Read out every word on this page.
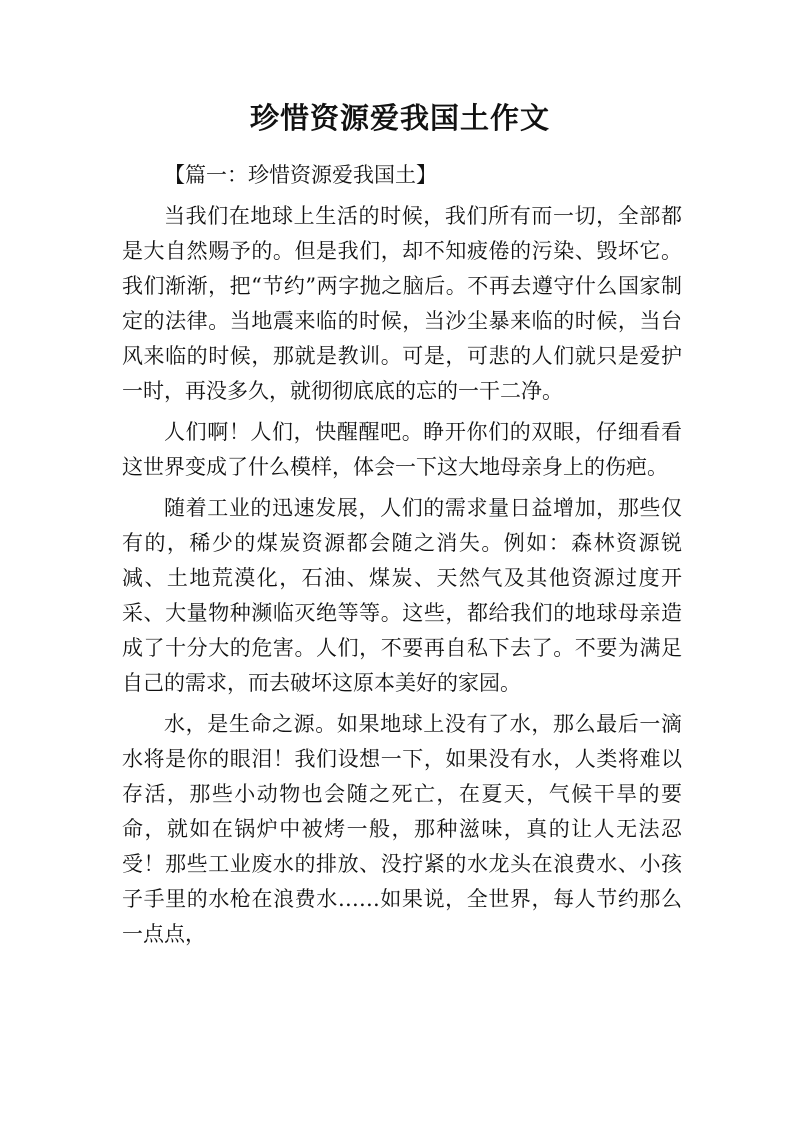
珍惜资源爱我国土作文

【篇一：珍惜资源爱我国土】

当我们在地球上生活的时候，我们所有而一切，全部都是大自然赐予的。但是我们，却不知疲倦的污染、毁坏它。我们渐渐，把“节约”两字抛之脑后。不再去遵守什么国家制定的法律。当地震来临的时候，当沙尘暴来临的时候，当台风来临的时候，那就是教训。可是，可悲的人们就只是爱护一时，再没多久，就彻彻底底的忘的一干二净。

人们啊！人们，快醒醒吧。睁开你们的双眼，仔细看看这世界变成了什么模样，体会一下这大地母亲身上的伤疤。

随着工业的迅速发展，人们的需求量日益增加，那些仅有的，稀少的煤炭资源都会随之消失。例如：森林资源锐减、土地荒漠化，石油、煤炭、天然气及其他资源过度开采、大量物种濒临灭绝等等。这些，都给我们的地球母亲造成了十分大的危害。人们，不要再自私下去了。不要为满足自己的需求，而去破坏这原本美好的家园。

水，是生命之源。如果地球上没有了水，那么最后一滴水将是你的眼泪！我们设想一下，如果没有水，人类将难以存活，那些小动物也会随之死亡，在夏天，气候干旱的要命，就如在锅炉中被烤一般，那种滋味，真的让人无法忍受！那些工业废水的排放、没拧紧的水龙头在浪费水、小孩子手里的水枪在浪费水……如果说，全世界，每人节约那么一点点，
